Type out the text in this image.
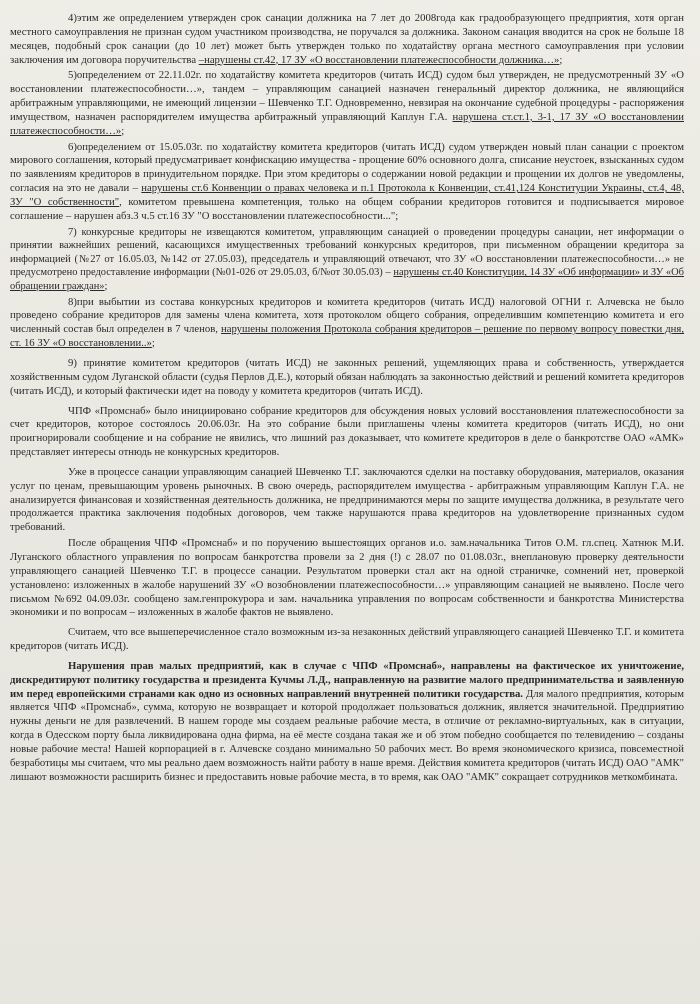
4)этим же определением утвержден срок санации должника на 7 лет до 2008года как градообразующего предприятия, хотя орган местного самоуправления не признан судом участником производства, не поручался за должника. Законом санация вводится на срок не больше 18 месяцев, подобный срок санации (до 10 лет) может быть утвержден только по ходатайству органа местного самоуправления при условии заключения им договора поручительства –нарушены ст.42, 17 ЗУ «О восстановлении платежеспособности должника…»;

5)определением от 22.11.02г. по ходатайству комитета кредиторов (читать ИСД) судом был утвержден, не предусмотренный ЗУ «О восстановлении платежеспособности…», тандем – управляющим санацией назначен генеральный директор должника, не являющийся арбитражным управляющими, не имеющий лицензии – Шевченко Т.Г. Одновременно, невзирая на окончание судебной процедуры - распоряжения имуществом, назначен распорядителем имущества арбитражный управляющий Каплун Г.А. нарушена ст.ст.1, 3-1, 17 ЗУ «О восстановлении платежеспособности…»;

6)определением от 15.05.03г. по ходатайству комитета кредиторов (читать ИСД) судом утвержден новый план санации с проектом мирового соглашения, который предусматривает конфискацию имущества - прощение 60% основного долга, списание неустоек, взысканных судом по заявлениям кредиторов в принудительном порядке. При этом кредиторы о содержании новой редакции и прощении их долгов не уведомлены, согласия на это не давали – нарушены ст.6 Конвенции о правах человека и п.1 Протокола к Конвенции, ст.41,124 Конституции Украины, ст.4, 48, ЗУ "О собственности", комитетом превышена компетенция, только на общем собрании кредиторов готовится и подписывается мировое соглашение – нарушен абз.3 ч.5 ст.16 ЗУ "О восстановлении платежеспособности...";

7) конкурсные кредиторы не извещаются комитетом, управляющим санацией о проведении процедуры санации, нет информации о принятии важнейших решений, касающихся имущественных требований конкурсных кредиторов, при письменном обращении кредитора за информацией (№27 от 16.05.03, №142 от 27.05.03), председатель и управляющий отвечают, что ЗУ «О восстановлении платежеспособности…» не предусмотрено предоставление информации (№01-026 от 29.05.03, б/№от 30.05.03) – нарушены ст.40 Конституции, 14 ЗУ «Об информации» и ЗУ «Об обращении граждан»;

8)при выбытии из состава конкурсных кредиторов и комитета кредиторов (читать ИСД) налоговой ОГНИ г. Алчевска не было проведено собрание кредиторов для замены члена комитета, хотя протоколом общего собрания, определившим компетенцию комитета и его численный состав был определен в 7 членов, нарушены положения Протокола собрания кредиторов – решение по первому вопросу повестки дня, ст. 16 ЗУ «О восстановлении..»;

9) принятие комитетом кредиторов (читать ИСД) не законных решений, ущемляющих права и собственность, утверждается хозяйственным судом Луганской области (судья Перлов Д.Е.), который обязан наблюдать за законностью действий и решений комитета кредиторов (читать ИСД), и который фактически идет на поводу у комитета кредиторов (читать ИСД).

ЧПФ «Промснаб» было инициировано собрание кредиторов для обсуждения новых условий восстановления платежеспособности за счет кредиторов, которое состоялось 20.06.03г. На это собрание были приглашены члены комитета кредиторов (читать ИСД), но они проигнорировали сообщение и на собрание не явились, что лишний раз доказывает, что комитете кредиторов в деле о банкротстве ОАО «АМК» представляет интересы отнюдь не конкурсных кредиторов.

Уже в процессе санации управляющим санацией Шевченко Т.Г. заключаются сделки на поставку оборудования, материалов, оказания услуг по ценам, превышающим уровень рыночных. В свою очередь, распорядителем имущества - арбитражным управляющим Каплун Г.А. не анализируется финансовая и хозяйственная деятельность должника, не предпринимаются меры по защите имущества должника, в результате чего продолжается практика заключения подобных договоров, чем также нарушаются права кредиторов на удовлетворение признанных судом требований.

После обращения ЧПФ «Промснаб» и по поручению вышестоящих органов и.о. зам.начальника Титов О.М. гл.спец. Хатнюк М.И. Луганского областного управления по вопросам банкротства провели за 2 дня (!) с 28.07 по 01.08.03г., внеплановую проверку деятельности управляющего санацией Шевченко Т.Г. в процессе санации. Результатом проверки стал акт на одной страничке, сомнений нет, проверкой установлено: изложенных в жалобе нарушений ЗУ «О возобновлении платежеспособности…» управляющим санацией не выявлено. После чего письмом №692 04.09.03г. сообщено зам.генпрокурора и зам. начальника управления по вопросам собственности и банкротства Министерства экономики и по вопросам – изложенных в жалобе фактов не выявлено.

Считаем, что все вышеперечисленное стало возможным из-за незаконных действий управляющего санацией Шевченко Т.Г. и комитета кредиторов (читать ИСД).

Нарушения прав малых предприятий, как в случае с ЧПФ «Промснаб», направлены на фактическое их уничтожение, дискредитируют политику государства и президента Кучмы Л.Д., направленную на развитие малого предпринимательства и заявленную им перед европейскими странами как одно из основных направлений внутренней политики государства. Для малого предприятия, которым является ЧПФ «Промснаб», сумма, которую не возвращает и которой продолжает пользоваться должник, является значительной. Предприятию нужны деньги не для развлечений. В нашем городе мы создаем реальные рабочие места, в отличие от рекламно-виртуальных, как в ситуации, когда в Одесском порту была ликвидирована одна фирма, на её месте создана такая же и об этом победно сообщается по телевидению – созданы новые рабочие места! Нашей корпорацией в г. Алчевске создано минимально 50 рабочих мест. Во время экономического кризиса, повсеместной безработицы мы считаем, что мы реально даем возможность найти работу в наше время. Действия комитета кредиторов (читать ИСД) ОАО "АМК" лишают возможности расширить бизнес и предоставить новые рабочие места, в то время, как ОАО "АМК" сокращает сотрудников меткомбината.
